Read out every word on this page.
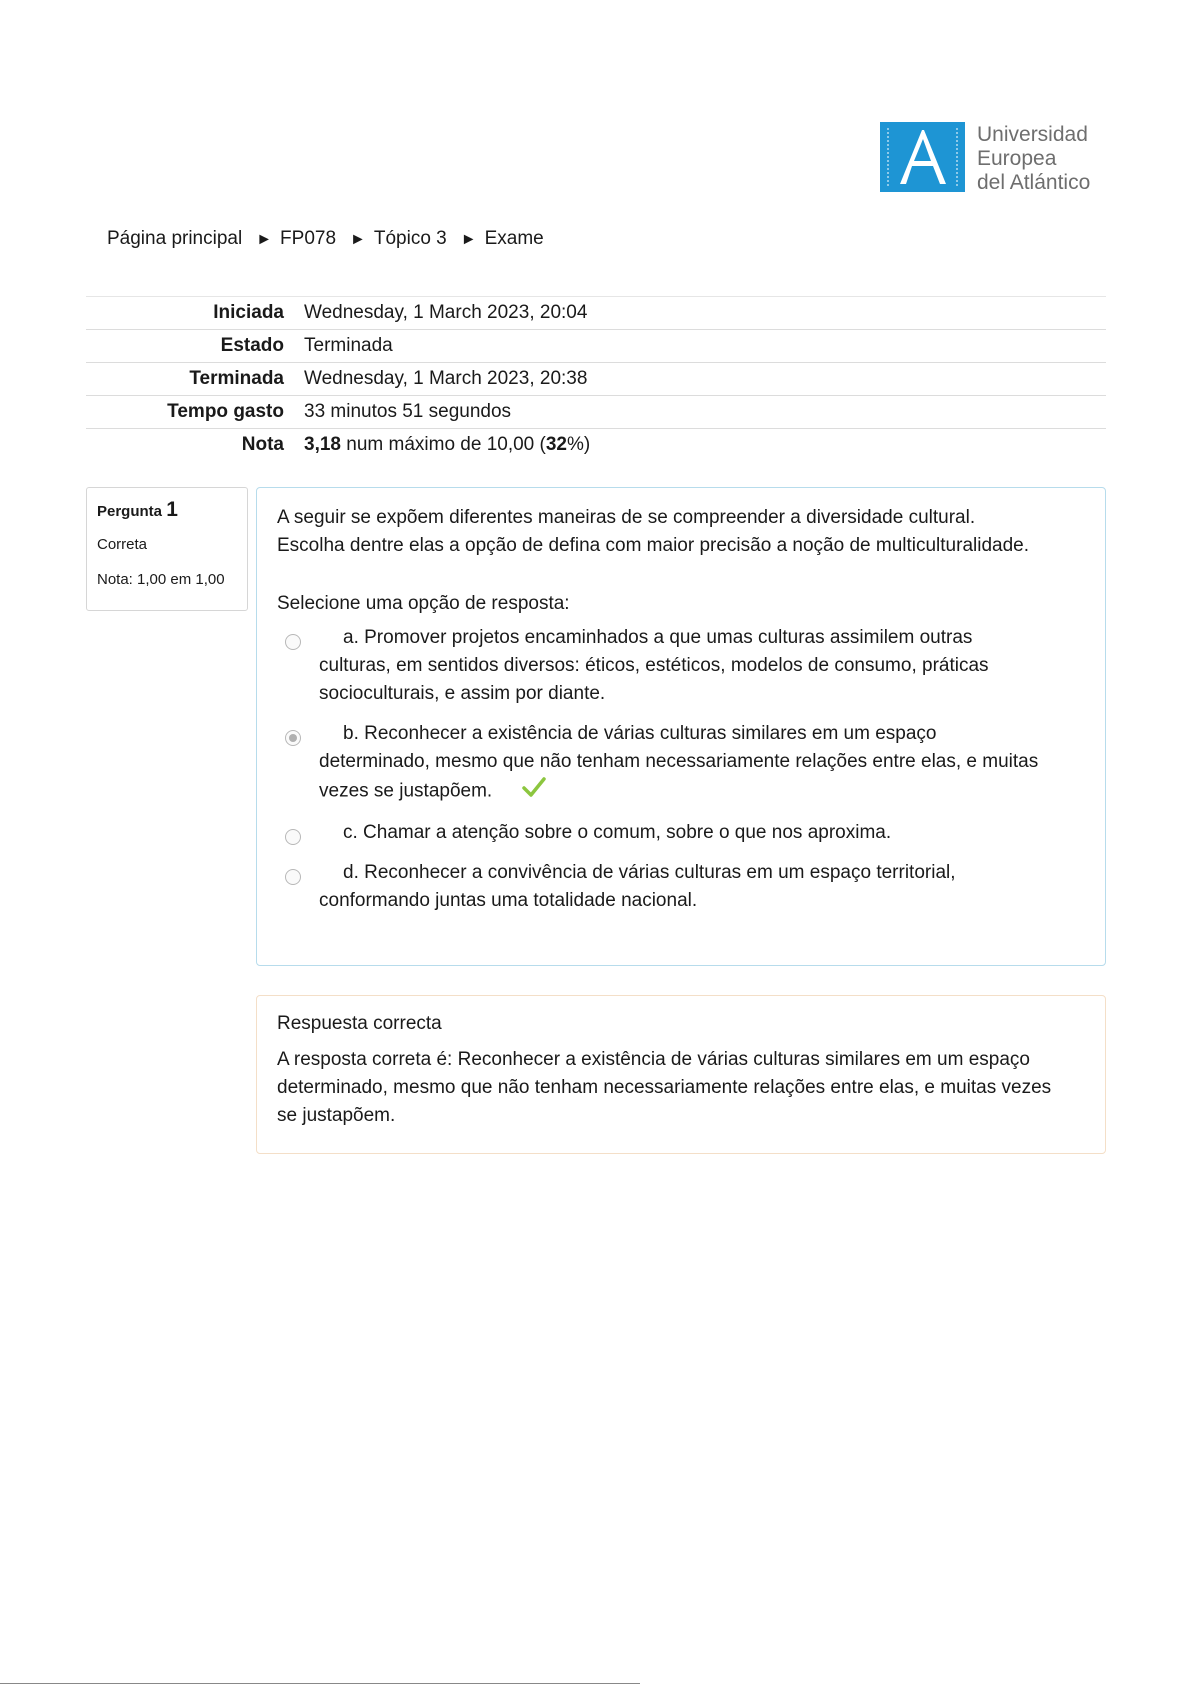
Universidad
Europea
del Atlántico
Página principal ► FP078 ► Tópico 3 ► Exame
Iniciada	Wednesday, 1 March 2023, 20:04
Estado	Terminada
Terminada	Wednesday, 1 March 2023, 20:38
Tempo gasto	33 minutos 51 segundos
Nota	3,18 num máximo de 10,00 (32%)
Pergunta 1
Correta
Nota: 1,00 em 1,00
A seguir se expõem diferentes maneiras de se compreender a diversidade cultural. Escolha dentre elas a opção de defina com maior precisão a noção de multiculturalidade.
Selecione uma opção de resposta:
a. Promover projetos encaminhados a que umas culturas assimilem outras culturas, em sentidos diversos: éticos, estéticos, modelos de consumo, práticas socioculturais, e assim por diante.
b. Reconhecer a existência de várias culturas similares em um espaço determinado, mesmo que não tenham necessariamente relações entre elas, e muitas vezes se justapõem.
c. Chamar a atenção sobre o comum, sobre o que nos aproxima.
d. Reconhecer a convivência de várias culturas em um espaço territorial, conformando juntas uma totalidade nacional.
Respuesta correcta
A resposta correta é: Reconhecer a existência de várias culturas similares em um espaço determinado, mesmo que não tenham necessariamente relações entre elas, e muitas vezes se justapõem.
